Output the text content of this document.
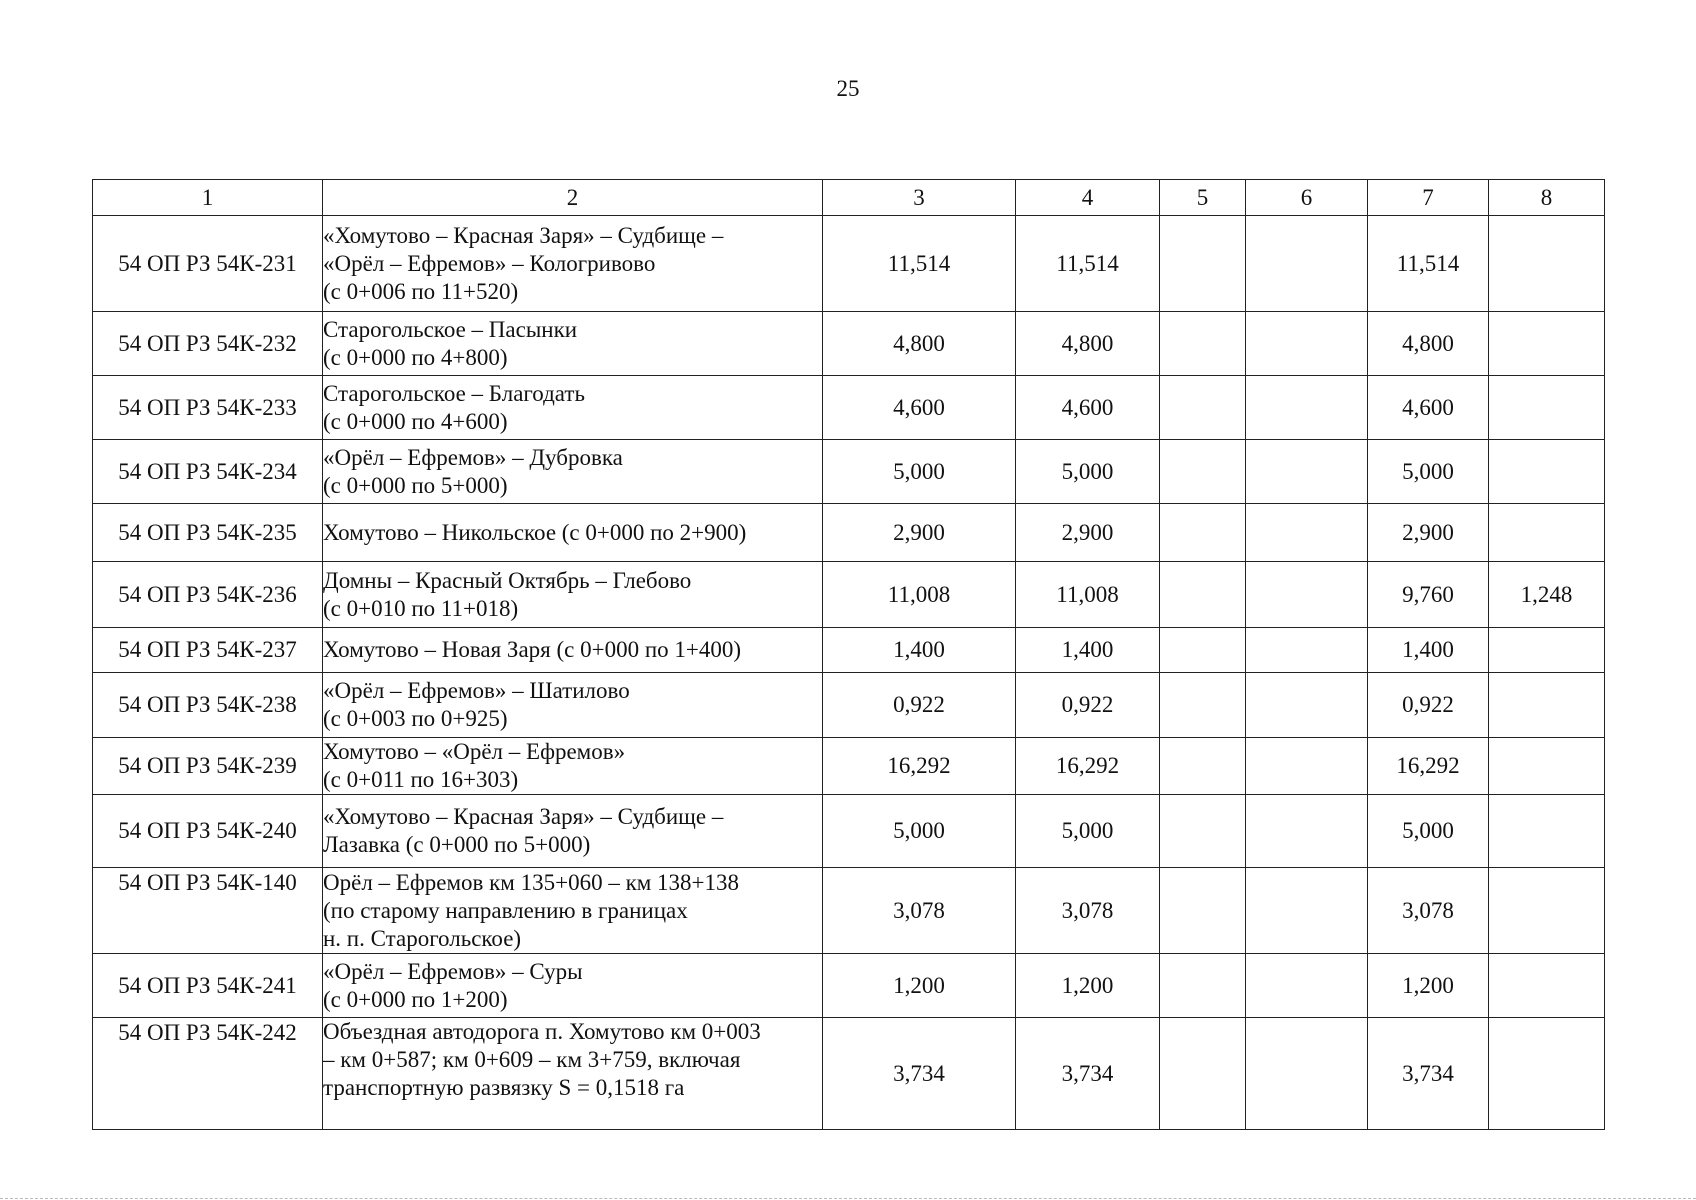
25
1	2	3	4	5	6	7	8
54 ОП РЗ 54К-231	«Хомутово – Красная Заря» – Судбище –
«Орёл – Ефремов» – Кологривово
(с 0+006 по 11+520)	11,514	11,514			11,514	
54 ОП РЗ 54К-232	Старогольское – Пасынки
(с 0+000 по 4+800)	4,800	4,800			4,800	
54 ОП РЗ 54К-233	Старогольское – Благодать
(с 0+000 по 4+600)	4,600	4,600			4,600	
54 ОП РЗ 54К-234	«Орёл – Ефремов» – Дубровка
(с 0+000 по 5+000)	5,000	5,000			5,000	
54 ОП РЗ 54К-235	Хомутово – Никольское (с 0+000 по 2+900)	2,900	2,900			2,900	
54 ОП РЗ 54К-236	Домны – Красный Октябрь – Глебово
(с 0+010 по 11+018)	11,008	11,008			9,760	1,248
54 ОП РЗ 54К-237	Хомутово – Новая Заря (с 0+000 по 1+400)	1,400	1,400			1,400	
54 ОП РЗ 54К-238	«Орёл – Ефремов» – Шатилово
(с 0+003 по 0+925)	0,922	0,922			0,922	
54 ОП РЗ 54К-239	Хомутово – «Орёл – Ефремов»
(с 0+011 по 16+303)	16,292	16,292			16,292	
54 ОП РЗ 54К-240	«Хомутово – Красная Заря» – Судбище –
Лазавка (с 0+000 по 5+000)	5,000	5,000			5,000	
54 ОП РЗ 54К-140	Орёл – Ефремов км 135+060 – км 138+138
(по старому направлению в границах
н. п. Старогольское)	3,078	3,078			3,078	
54 ОП РЗ 54К-241	«Орёл – Ефремов» – Суры
(с 0+000 по 1+200)	1,200	1,200			1,200	
54 ОП РЗ 54К-242	Объездная автодорога п. Хомутово км 0+003
– км 0+587; км 0+609 – км 3+759, включая
транспортную развязку S = 0,1518 га	3,734	3,734			3,734	
